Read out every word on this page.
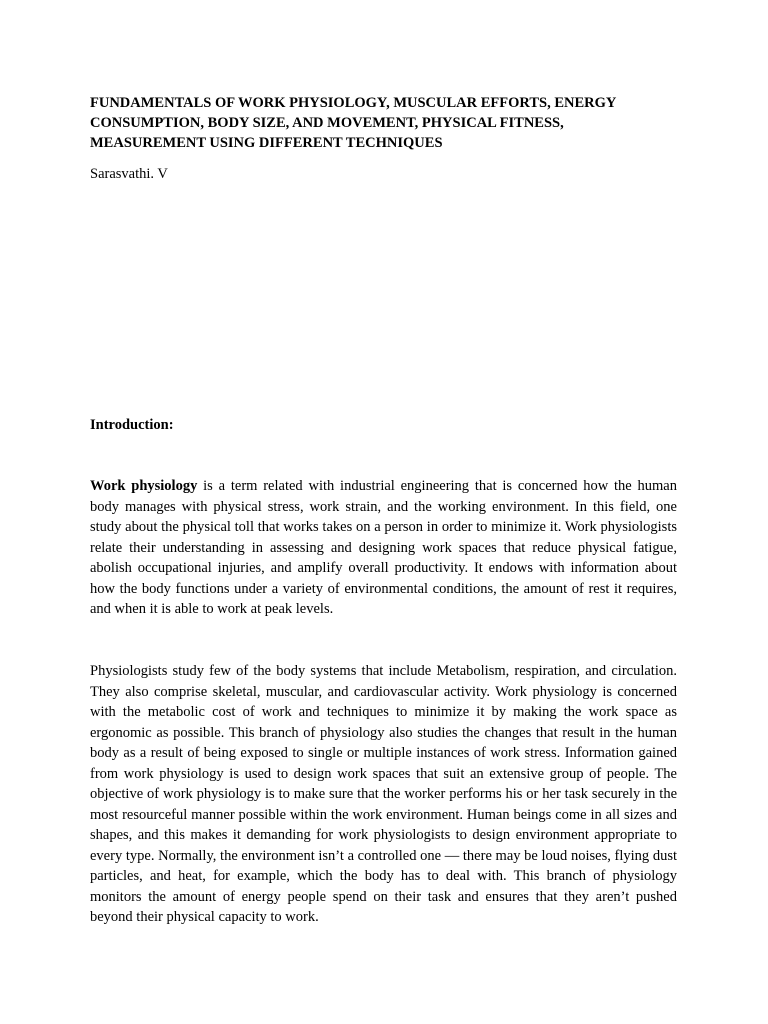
FUNDAMENTALS OF WORK PHYSIOLOGY, MUSCULAR EFFORTS, ENERGY CONSUMPTION, BODY SIZE, AND MOVEMENT, PHYSICAL FITNESS, MEASUREMENT USING DIFFERENT TECHNIQUES

Sarasvathi. V

Introduction:

Work physiology is a term related with industrial engineering that is concerned how the human body manages with physical stress, work strain, and the working environment. In this field, one study about the physical toll that works takes on a person in order to minimize it. Work physiologists relate their understanding in assessing and designing work spaces that reduce physical fatigue, abolish occupational injuries, and amplify overall productivity. It endows with information about how the body functions under a variety of environmental conditions, the amount of rest it requires, and when it is able to work at peak levels.

Physiologists study few of the body systems that include Metabolism, respiration, and circulation. They also comprise skeletal, muscular, and cardiovascular activity. Work physiology is concerned with the metabolic cost of work and techniques to minimize it by making the work space as ergonomic as possible. This branch of physiology also studies the changes that result in the human body as a result of being exposed to single or multiple instances of work stress. Information gained from work physiology is used to design work spaces that suit an extensive group of people. The objective of work physiology is to make sure that the worker performs his or her task securely in the most resourceful manner possible within the work environment. Human beings come in all sizes and shapes, and this makes it demanding for work physiologists to design environment appropriate to every type. Normally, the environment isn’t a controlled one — there may be loud noises, flying dust particles, and heat, for example, which the body has to deal with. This branch of physiology monitors the amount of energy people spend on their task and ensures that they aren’t pushed beyond their physical capacity to work.
